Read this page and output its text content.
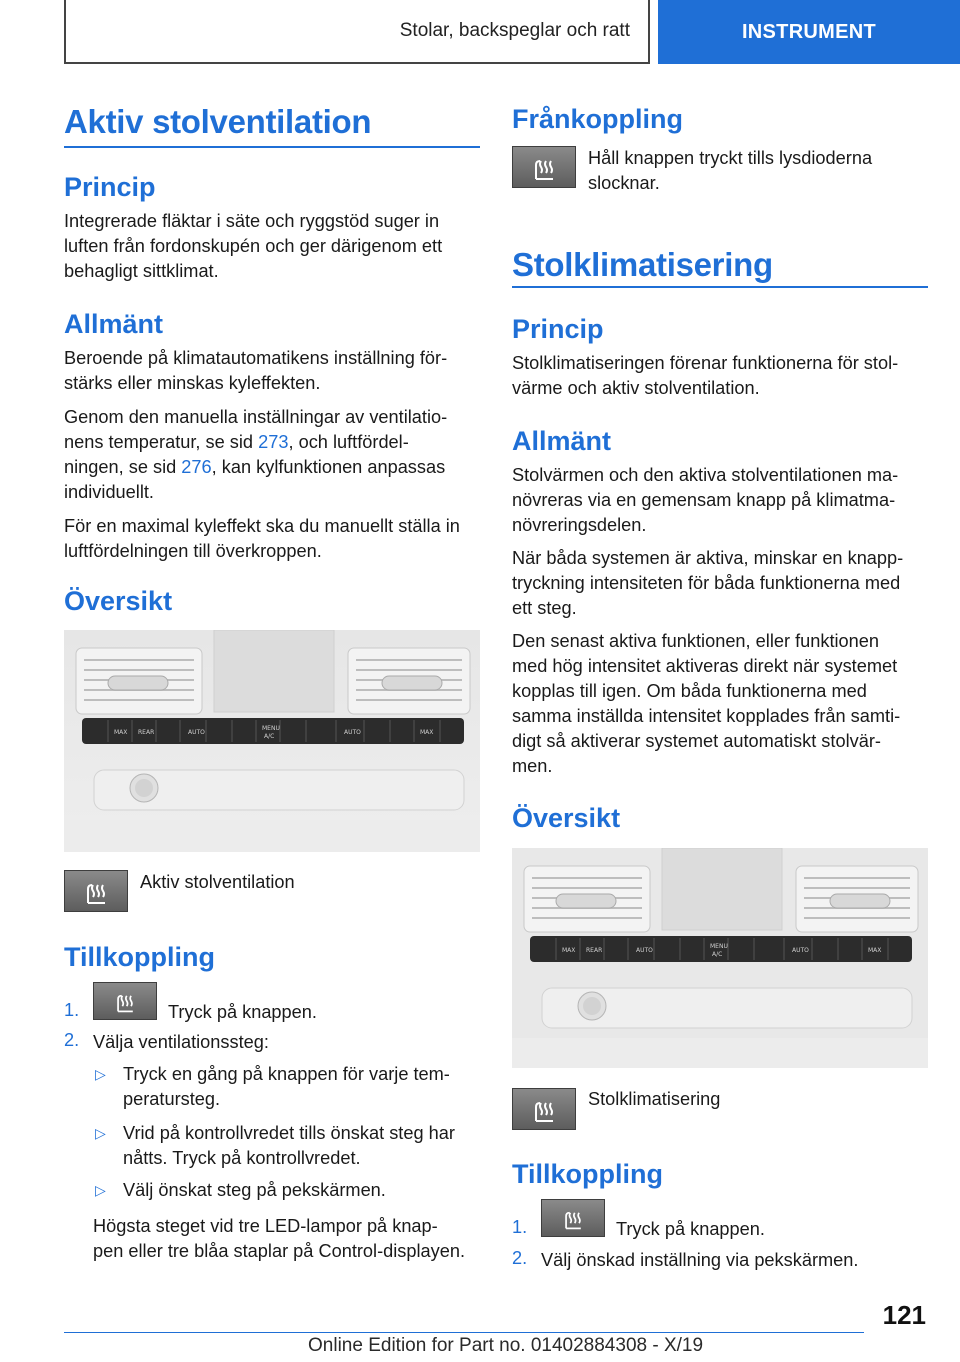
Stolar, backspeglar och ratt	INSTRUMENT
Aktiv stolventilation
Princip
Integrerade fläktar i säte och ryggstöd suger in
luften från fordonskupén och ger därigenom ett
behagligt sittklimat.
Allmänt
Beroende på klimatautomatikens inställning för‐
stärks eller minskas kyleffekten.
Genom den manuella inställningar av ventilatio‐
nens temperatur, se sid 273, och luftfördel‐
ningen, se sid 276, kan kylfunktionen anpassas
individuellt.
För en maximal kyleffekt ska du manuellt ställa in
luftfördelningen till överkroppen.
Översikt
MAX REAR	AUTO
MENU
A/C
AUTO	MAX
Aktiv stolventilation
Tillkoppling
1.	Tryck på knappen.
2. Välja ventilationssteg:
▷ Tryck en gång på knappen för varje tem‐
peratursteg.
▷ Vrid på kontrollvredet tills önskat steg har
nåtts. Tryck på kontrollvredet.
▷ Välj önskat steg på pekskärmen.
Högsta steget vid tre LED-lampor på knap‐
pen eller tre blåa staplar på Control-displayen.
Frånkoppling
Håll knappen tryckt tills lysdioderna
slocknar.
Stolklimatisering
Princip
Stolklimatiseringen förenar funktionerna för stol‐
värme och aktiv stolventilation.
Allmänt
Stolvärmen och den aktiva stolventilationen ma‐
növreras via en gemensam knapp på klimatma‐
növreringsdelen.
När båda systemen är aktiva, minskar en knapp‐
tryckning intensiteten för båda funktionerna med
ett steg.
Den senast aktiva funktionen, eller funktionen
med hög intensitet aktiveras direkt när systemet
kopplas till igen. Om båda funktionerna med
samma inställda intensitet kopplades från samti‐
digt så aktiverar systemet automatiskt stolvär‐
men.
Översikt
MAX REAR	AUTO
MENU
A/C
AUTO	MAX
Stolklimatisering
Tillkoppling
1.	Tryck på knappen.
2. Välj önskad inställning via pekskärmen.
121
Online Edition for Part no. 01402884308 - X/19
